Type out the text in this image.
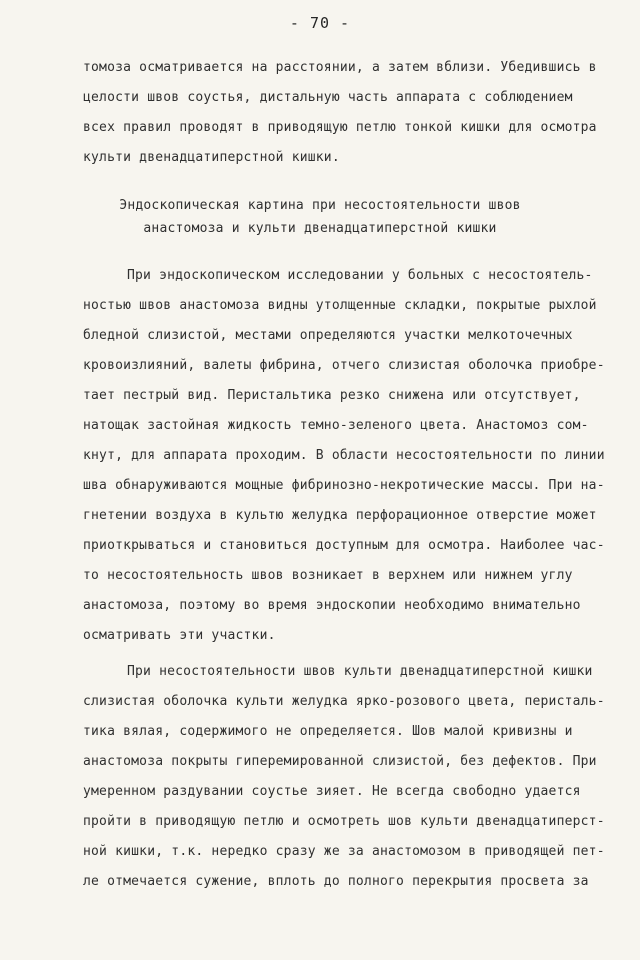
- 70 -
томоза осматривается на расстоянии, а затем вблизи. Убедившись в
целости швов соустья, дистальную часть аппарата с соблюдением
всех правил проводят в приводящую петлю тонкой кишки для осмотра
культи двенадцатиперстной кишки.
Эндоскопическая картина при несостоятельности швов
анастомоза и культи двенадцатиперстной кишки
При эндоскопическом исследовании у больных с несостоятель-
ностью швов анастомоза видны утолщенные складки, покрытые рыхлой
бледной слизистой, местами определяются участки мелкоточечных
кровоизлияний, валеты фибрина, отчего слизистая оболочка приобре-
тает пестрый вид. Перистальтика резко снижена или отсутствует,
натощак застойная жидкость темно-зеленого цвета. Анастомоз сом-
кнут, для аппарата проходим. В области несостоятельности по линии
шва обнаруживаются мощные фибринозно-некротические массы. При на-
гнетении воздуха в культю желудка перфорационное отверстие может
приоткрываться и становиться доступным для осмотра. Наиболее час-
то несостоятельность швов возникает в верхнем или нижнем углу
анастомоза, поэтому во время эндоскопии необходимо внимательно
осматривать эти участки.
При несостоятельности швов культи двенадцатиперстной кишки
слизистая оболочка культи желудка ярко-розового цвета, перисталь-
тика вялая, содержимого не определяется. Шов малой кривизны и
анастомоза покрыты гиперемированной слизистой, без дефектов. При
умеренном раздувании соустье зияет. Не всегда свободно удается
пройти в приводящую петлю и осмотреть шов культи двенадцатиперст-
ной кишки, т.к. нередко сразу же за анастомозом в приводящей пет-
ле отмечается сужение, вплоть до полного перекрытия просвета за
